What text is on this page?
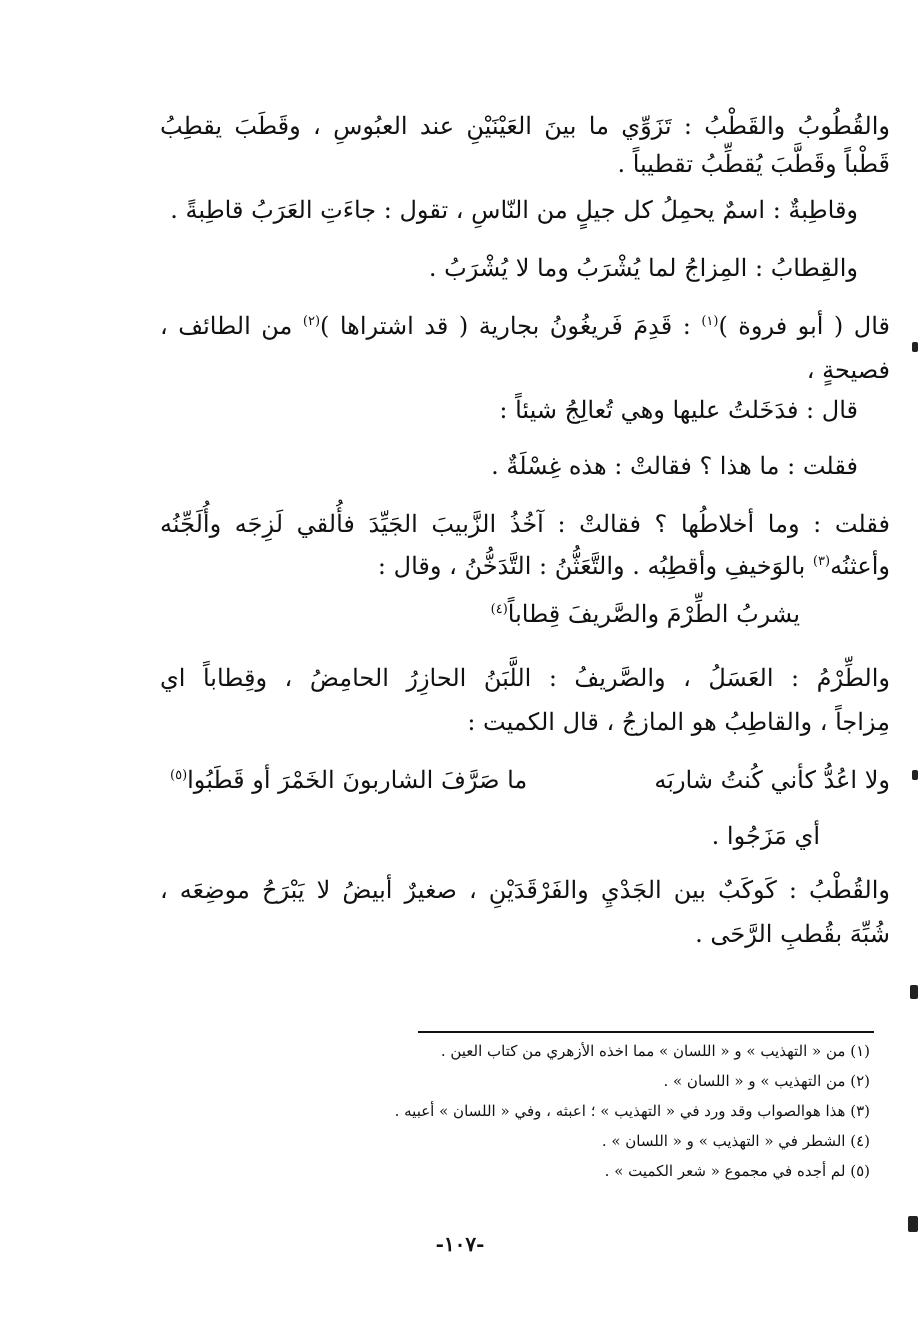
والقُطُوبُ والقَطْبُ : تَزَوِّي ما بينَ العَيْنَيْنِ عند العبُوسِ ، وقَطَبَ يقطِبُ
قَطْباً وقَطَّبَ يُقطِّبُ تقطيباً .
وقاطِبةٌ : اسمٌ يحمِلُ كل جيلٍ من النّاسِ ، تقول : جاءَتِ العَرَبُ قاطِبةً .
والقِطابُ : المِزاجُ لما يُشْرَبُ وما لا يُشْرَبُ .
قال ( أبو فروة )$^{(١)}$ : قَدِمَ فَريغُونُ بجارية ( قد اشتراها )$^{(٢)}$ من الطائف ،
فصيحةٍ ،
قال : فدَخَلتُ عليها وهي تُعالِجُ شيئاً :
فقلت : ما هذا ؟ فقالتْ : هذه غِسْلَةٌ .
فقلت : وما أخلاطُها ؟ فقالتْ : آخُذُ الزَّبيبَ الجَيِّدَ فأُلقي لَزِجَه وأُلَجِّنُه
وأعثنُه$^{(٣)}$ بالوَخيفِ وأقطِبُه . والتَّعَثُّنُ : التَّدَخُّنُ ، وقال :
يشربُ الطِّرْمَ والصَّريفَ قِطاباً$^{(٤)}$
والطِّرْمُ : العَسَلُ ، والصَّريفُ : اللَّبَنُ الحازِرُ الحامِضُ ، وقِطاباً اي
مِزاجاً ، والقاطِبُ هو المازجُ ، قال الكميت :
ولا اعُدُّ كأني كُنتُ شاربَه
ما صَرَّفَ الشاربونَ الخَمْرَ أو قَطَبُوا$^{(٥)}$
أي مَزَجُوا .
والقُطْبُ : كَوكَبٌ بين الجَدْيِ والفَرْقَدَيْنِ ، صغيرٌ أبيضُ لا يَبْرَحُ موضِعَه ،
شُبِّهَ بقُطبِ الرَّحَى .
(١) من « التهذيب » و « اللسان » مما اخذه الأزهري من كتاب العين .
(٢) من التهذيب » و « اللسان » .
(٣) هذا هوالصواب وقد ورد في « التهذيب » ؛ اعبثه ، وفي « اللسان » أعبيه .
(٤) الشطر في « التهذيب » و « اللسان » .
(٥) لم أجده في مجموع « شعر الكميت » .
-١٠٧-
